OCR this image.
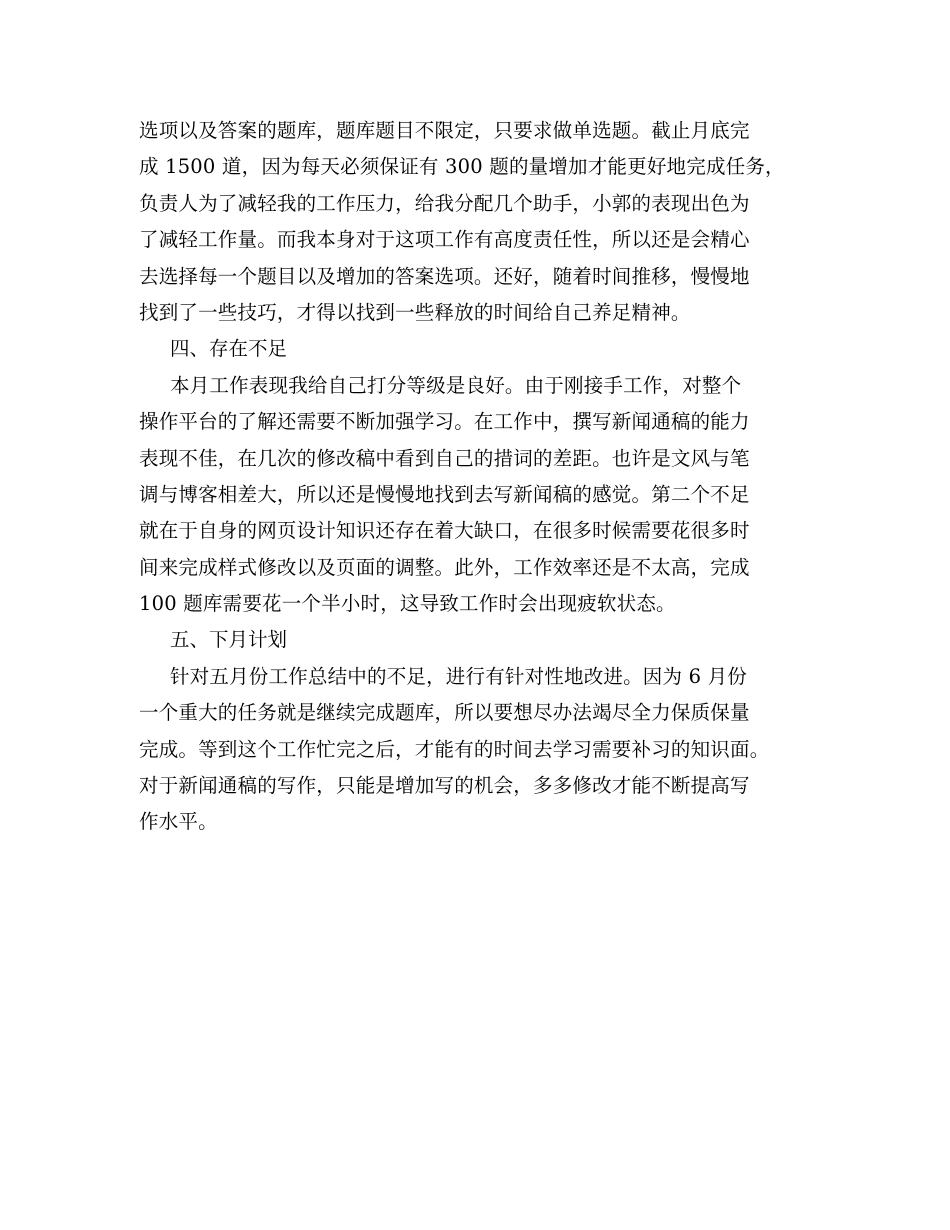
选项以及答案的题库，题库题目不限定，只要求做单选题。截止月底完
成 1500 道，因为每天必须保证有 300 题的量增加才能更好地完成任务，
负责人为了减轻我的工作压力，给我分配几个助手，小郭的表现出色为
了减轻工作量。而我本身对于这项工作有高度责任性，所以还是会精心
去选择每一个题目以及增加的答案选项。还好，随着时间推移，慢慢地
找到了一些技巧，才得以找到一些释放的时间给自己养足精神。
四、存在不足
本月工作表现我给自己打分等级是良好。由于刚接手工作，对整个
操作平台的了解还需要不断加强学习。在工作中，撰写新闻通稿的能力
表现不佳，在几次的修改稿中看到自己的措词的差距。也许是文风与笔
调与博客相差大，所以还是慢慢地找到去写新闻稿的感觉。第二个不足
就在于自身的网页设计知识还存在着大缺口，在很多时候需要花很多时
间来完成样式修改以及页面的调整。此外，工作效率还是不太高，完成
100 题库需要花一个半小时，这导致工作时会出现疲软状态。
五、下月计划
针对五月份工作总结中的不足，进行有针对性地改进。因为 6 月份
一个重大的任务就是继续完成题库，所以要想尽办法竭尽全力保质保量
完成。等到这个工作忙完之后，才能有的时间去学习需要补习的知识面。
对于新闻通稿的写作，只能是增加写的机会，多多修改才能不断提高写
作水平。
